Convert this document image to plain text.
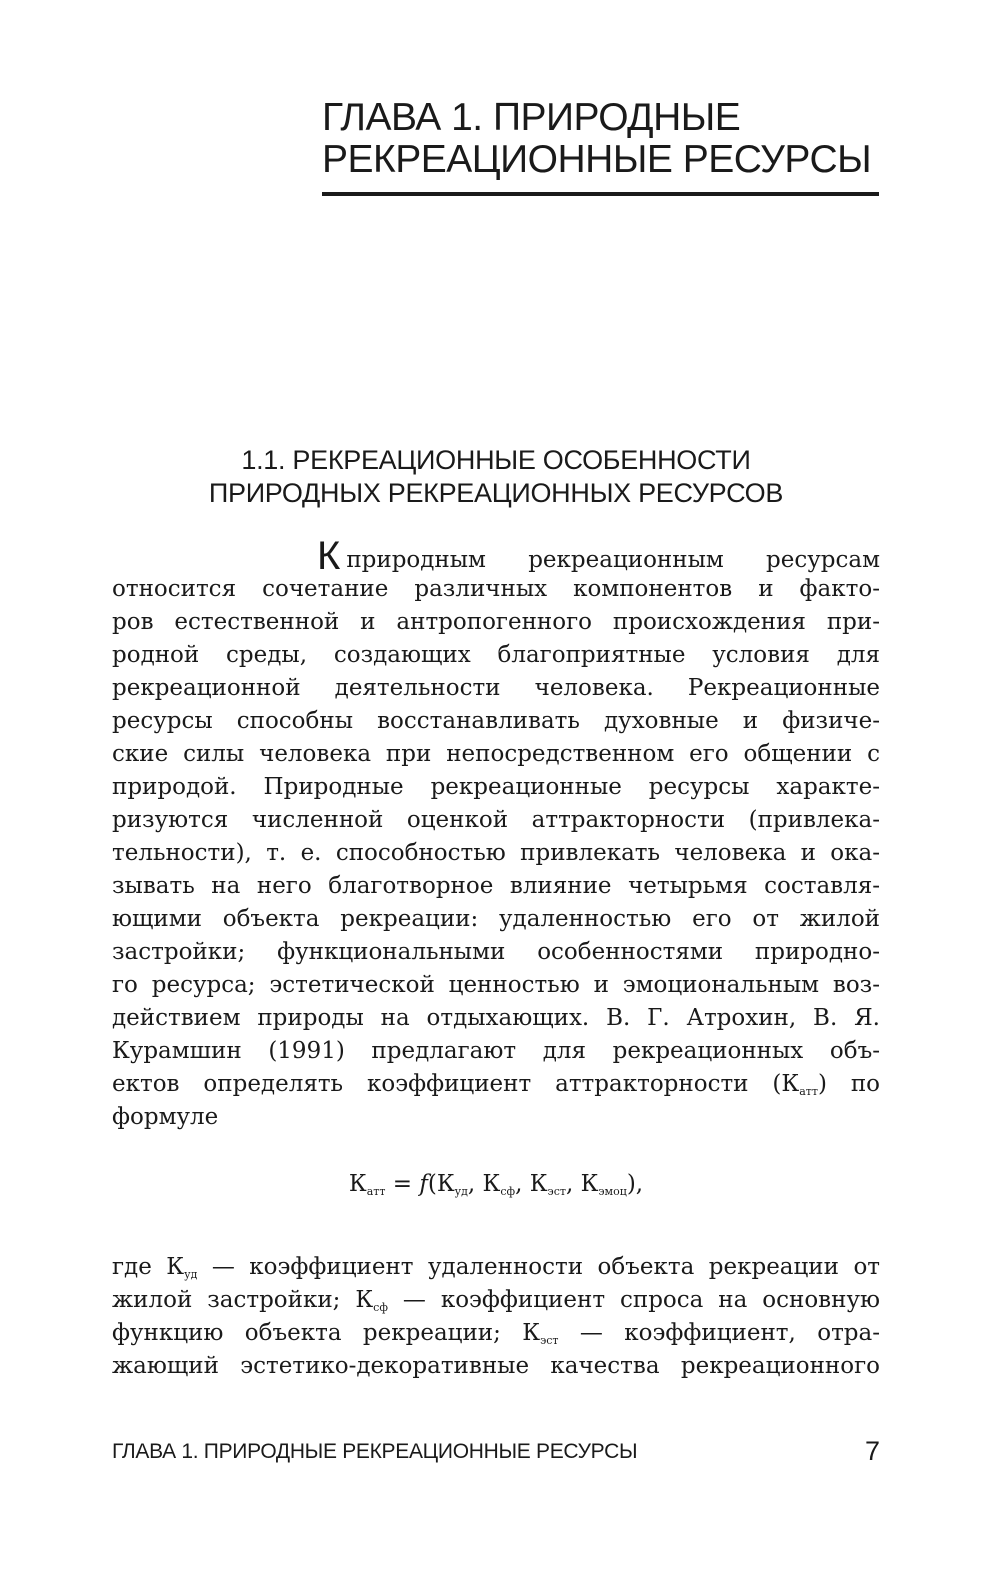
ГЛАВА 1. ПРИРОДНЫЕ
РЕКРЕАЦИОННЫЕ РЕСУРСЫ
1.1. РЕКРЕАЦИОННЫЕ ОСОБЕННОСТИ
ПРИРОДНЫХ РЕКРЕАЦИОННЫХ РЕСУРСОВ
Кприродным рекреационным ресурсам
относится сочетание различных компонентов и факто-
ров естественной и антропогенного происхождения при-
родной среды, создающих благоприятные условия для
рекреационной деятельности человека. Рекреационные
ресурсы способны восстанавливать духовные и физиче-
ские силы человека при непосредственном его общении с
природой. Природные рекреационные ресурсы характе-
ризуются численной оценкой аттракторности (привлека-
тельности), т. е. способностью привлекать человека и ока-
зывать на него благотворное влияние четырьмя составля-
ющими объекта рекреации: удаленностью его от жилой
застройки; функциональными особенностями природно-
го ресурса; эстетической ценностью и эмоциональным воз-
действием природы на отдыхающих. В. Г. Атрохин, В. Я.
Курамшин (1991) предлагают для рекреационных объ-
ектов определять коэффициент аттракторности $(К_{атт})$ по
формуле
$К_{атт} = f(К_{уд}$, $К_{сф}$, $К_{эст}$, $К_{эмоц}$),
где $К_{уд}$ — коэффициент удаленности объекта рекреации от
жилой застройки; $К_{сф}$ — коэффициент спроса на основную
функцию объекта рекреации; $К_{эст}$ — коэффициент, отра-
жающий эстетико-декоративные качества рекреационного
ГЛАВА 1. ПРИРОДНЫЕ РЕКРЕАЦИОННЫЕ РЕСУРСЫ	7
